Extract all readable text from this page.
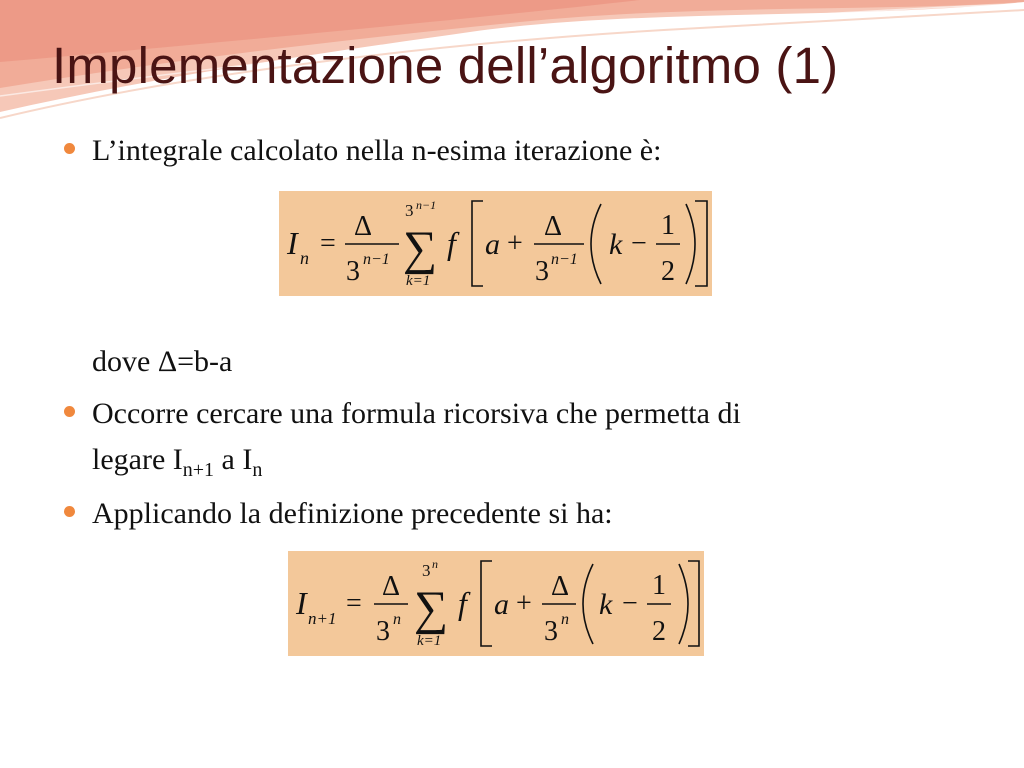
Implementazione dell’algoritmo (1)
L’integrale calcolato nella n-esima iterazione è:
I n =
Δ
3 n−1
3 n−1
∑
k=1
f a +
Δ
3 n−1 k −
1
2
dove Δ=b-a
Occorre cercare una formula ricorsiva che permetta di
legare $I_{n+1}$ a $I_n$
Applicando la definizione precedente si ha:
I n+1 =
Δ
3 n
3 n
∑
k=1
f a +
Δ
3 n k −
1
2
